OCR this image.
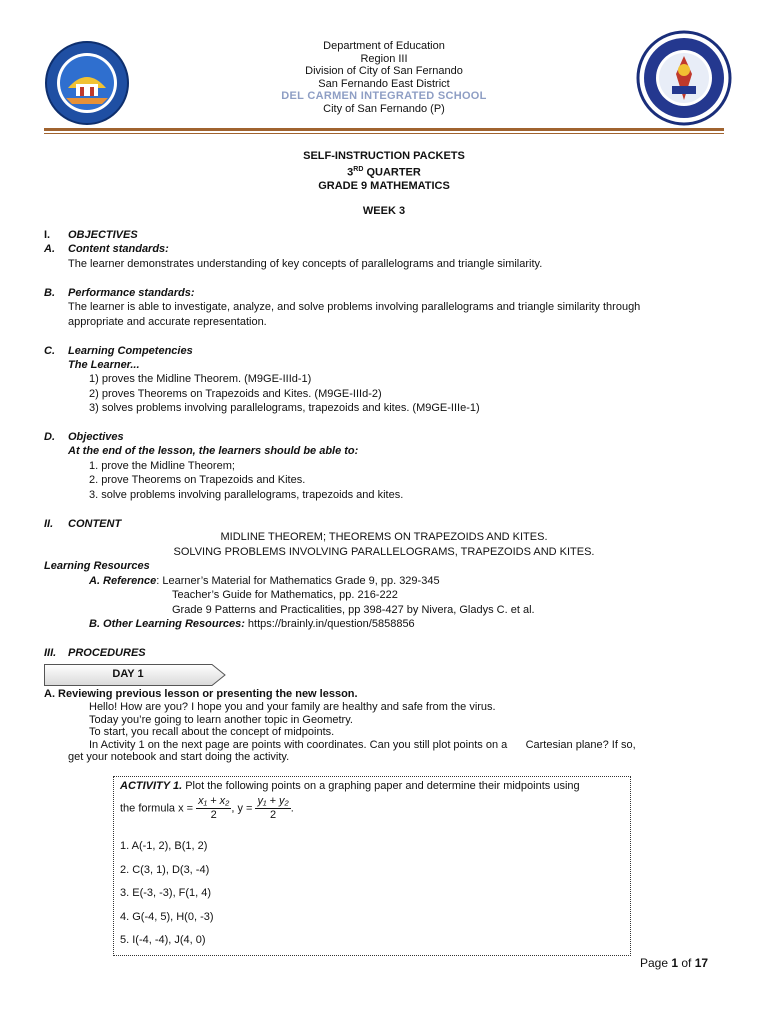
Department of Education
Region III
Division of City of San Fernando
San Fernando East District
DEL CARMEN INTEGRATED SCHOOL
City of San Fernando (P)
SELF-INSTRUCTION PACKETS
3RD QUARTER
GRADE 9 MATHEMATICS
WEEK 3
I. OBJECTIVES
A. Content standards:
The learner demonstrates understanding of key concepts of parallelograms and triangle similarity.
B. Performance standards:
The learner is able to investigate, analyze, and solve problems involving parallelograms and triangle similarity through
appropriate and accurate representation.
C. Learning Competencies
The Learner...
1) proves the Midline Theorem. (M9GE-IIId-1)
2) proves Theorems on Trapezoids and Kites. (M9GE-IIId-2)
3) solves problems involving parallelograms, trapezoids and kites. (M9GE-IIIe-1)
D. Objectives
At the end of the lesson, the learners should be able to:
1. prove the Midline Theorem;
2. prove Theorems on Trapezoids and Kites.
3. solve problems involving parallelograms, trapezoids and kites.
II. CONTENT
MIDLINE THEOREM; THEOREMS ON TRAPEZOIDS AND KITES.
SOLVING PROBLEMS INVOLVING PARALLELOGRAMS, TRAPEZOIDS AND KITES.
Learning Resources
A. Reference: Learner’s Material for Mathematics Grade 9, pp. 329-345
Teacher’s Guide for Mathematics, pp. 216-222
Grade 9 Patterns and Practicalities, pp 398-427 by Nivera, Gladys C. et al.
B. Other Learning Resources: https://brainly.in/question/5858856
III. PROCEDURES
DAY 1
A. Reviewing previous lesson or presenting the new lesson.
Hello! How are you? I hope you and your family are healthy and safe from the virus.
Today you’re going to learn another topic in Geometry.
To start, you recall about the concept of midpoints.
In Activity 1 on the next page are points with coordinates. Can you still plot points on a      Cartesian plane? If so,
get your notebook and start doing the activity.
ACTIVITY 1. Plot the following points on a graphing paper and determine their midpoints using
the formula $x = \frac{\text{x₁ + x₂}}{2}$ , $y = \frac{\text{y₁ + y₂}}{2}$ .
1. A(-1, 2), B(1, 2)
2. C(3, 1), D(3, -4)
3. E(-3, -3), F(1, 4)
4. G(-4, 5), H(0, -3)
5. I(-4, -4), J(4, 0)
Page 1 of 17
